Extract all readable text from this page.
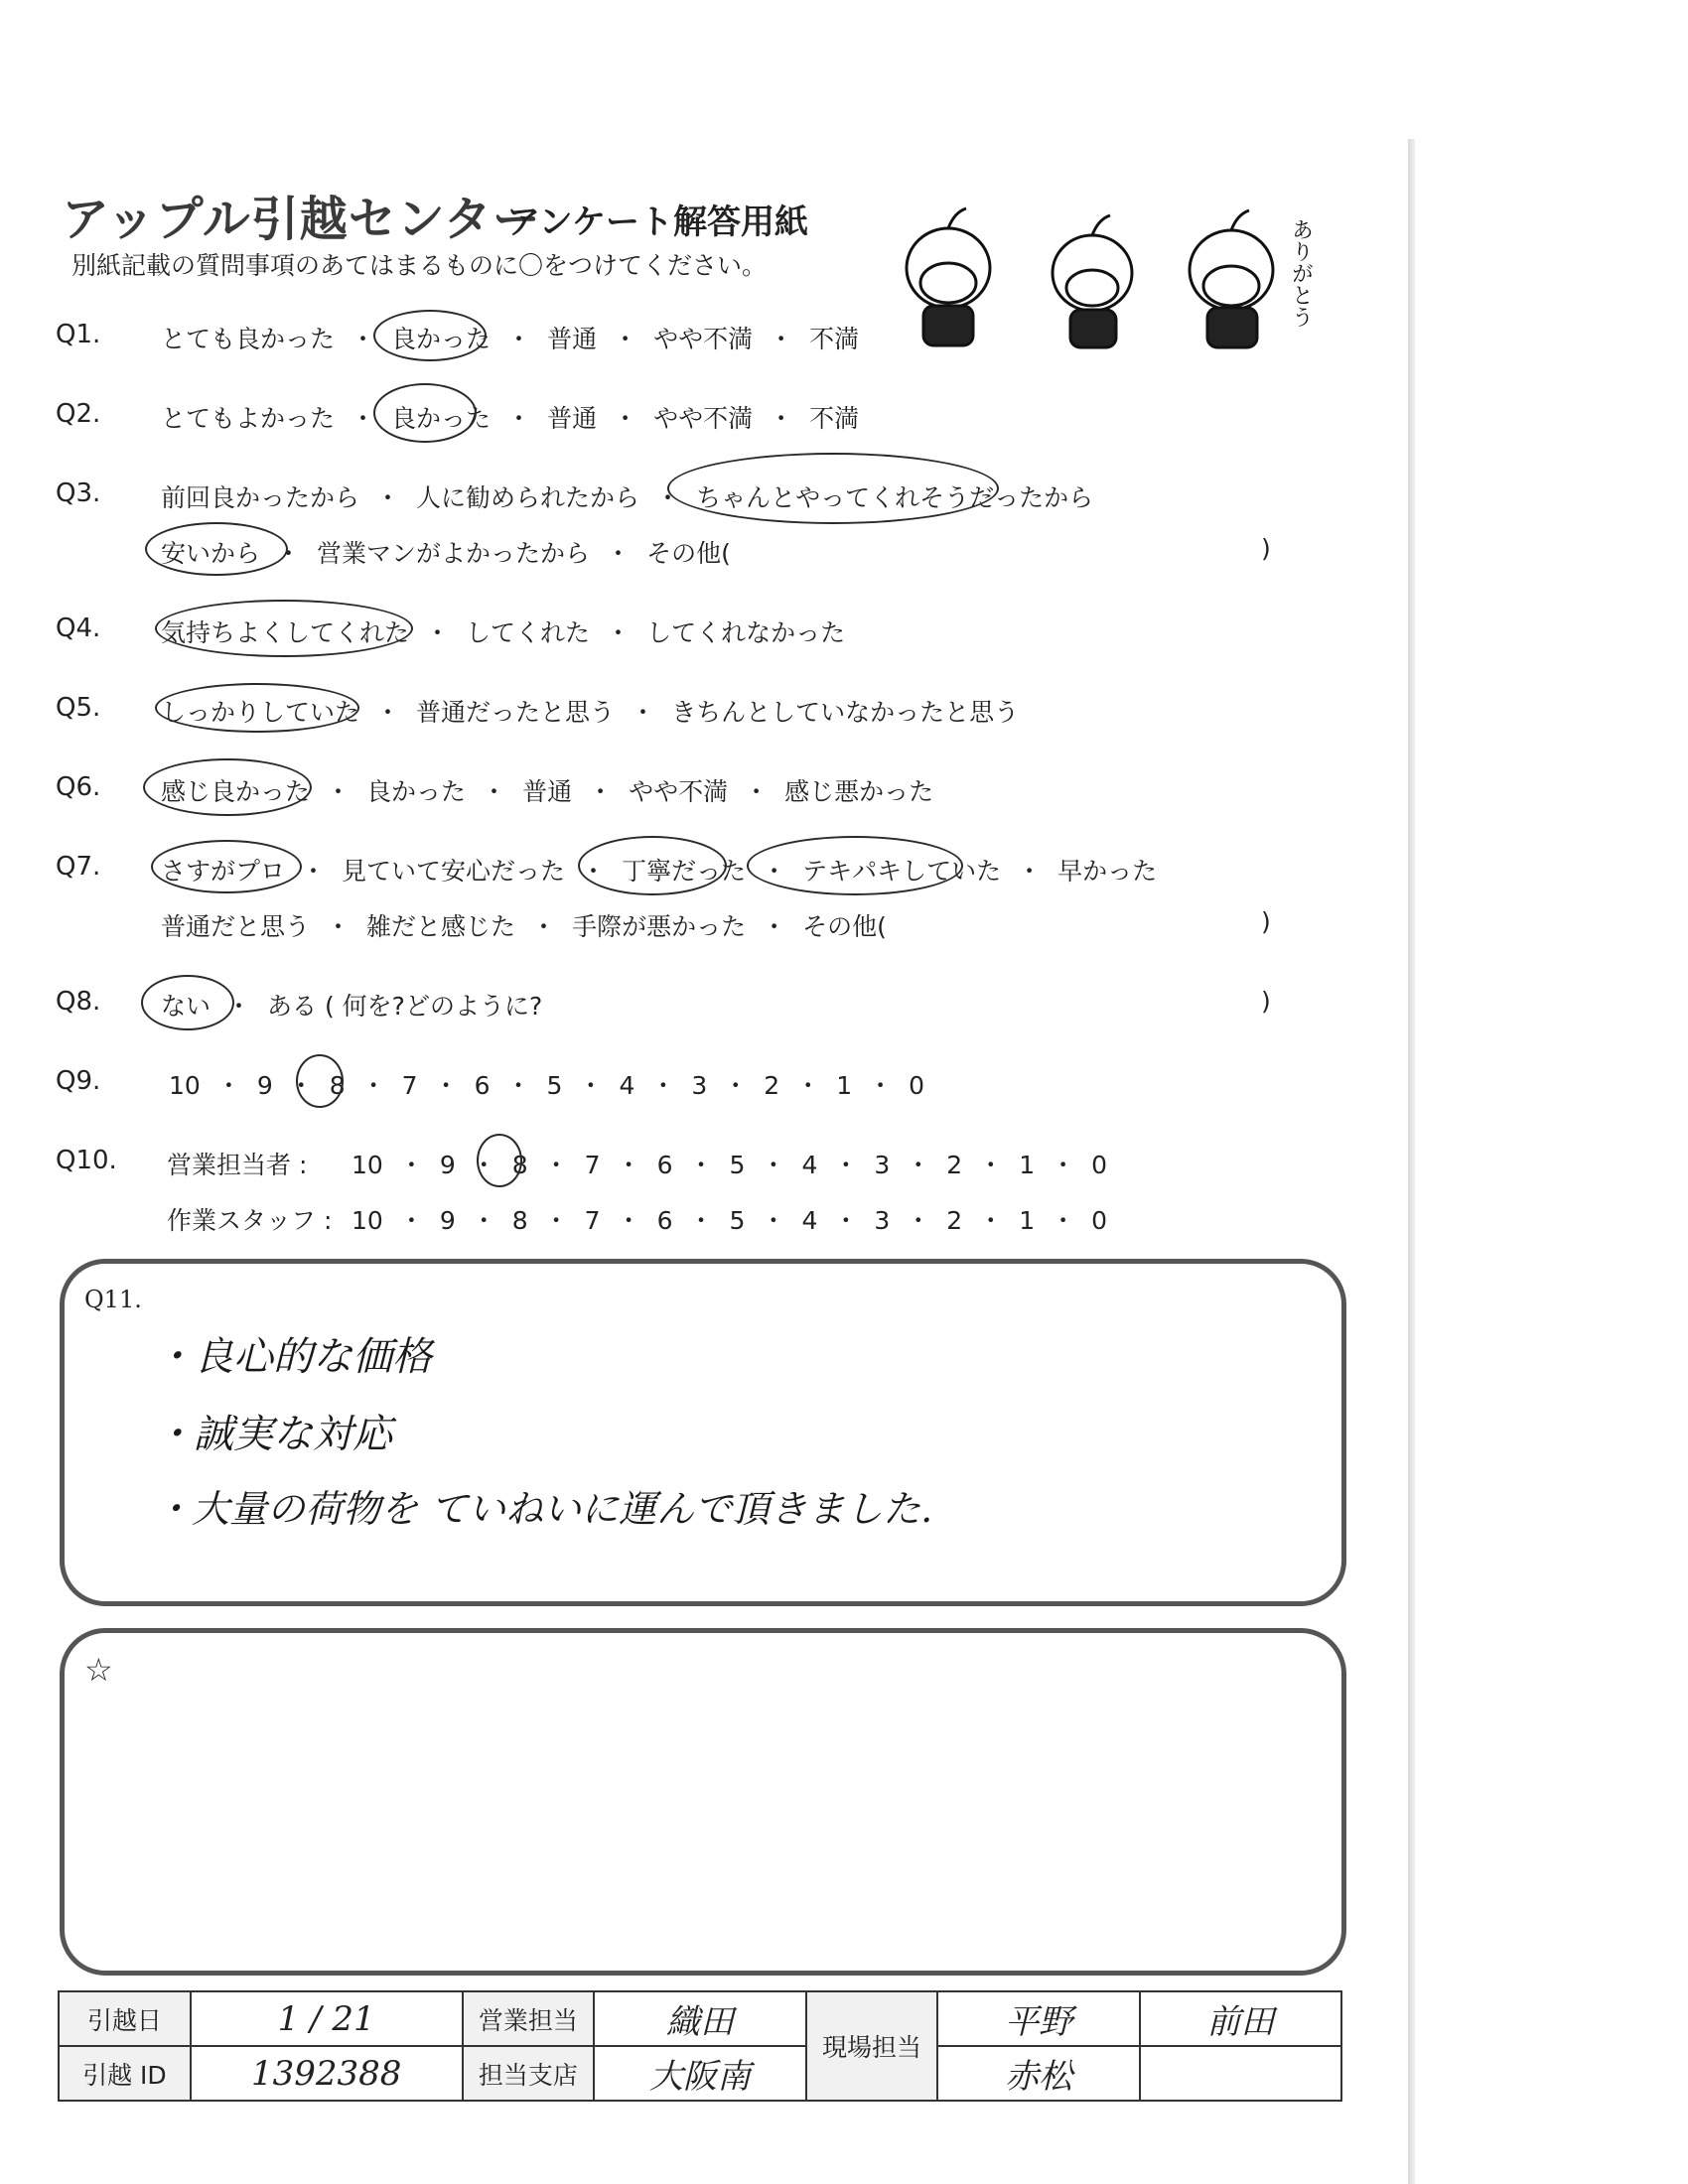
アップル引越センター
アンケート解答用紙
別紙記載の質問事項のあてはまるものに〇をつけてください。	ありがとう
Q1. とても良かった ・ 良かった ・ 普通 ・ やや不満 ・ 不満
Q2. とてもよかった ・ 良かった ・ 普通 ・ やや不満 ・ 不満
Q3. 前回良かったから ・ 人に勧められたから ・ ちゃんとやってくれそうだったから
安いから ・ 営業マンがよかったから ・ その他(	)
Q4. 気持ちよくしてくれた ・ してくれた ・ してくれなかった
Q5. しっかりしていた ・ 普通だったと思う ・ きちんとしていなかったと思う
Q6. 感じ良かった ・ 良かった ・ 普通 ・ やや不満 ・ 感じ悪かった
Q7. さすがプロ ・ 見ていて安心だった ・ 丁寧だった ・ テキパキしていた ・ 早かった
普通だと思う ・ 雑だと感じた ・ 手際が悪かった ・ その他(	)
Q8. ない ・ ある ( 何を?どのように?	)
Q9.	10 ・ 9 ・ 8 ・ 7 ・ 6 ・ 5 ・ 4 ・ 3 ・ 2 ・ 1 ・ 0
Q10. 営業担当者 : 10 ・ 9 ・ 8 ・ 7 ・ 6 ・ 5 ・ 4 ・ 3 ・ 2 ・ 1 ・ 0
作業スタッフ : 10 ・ 9 ・ 8 ・ 7 ・ 6 ・ 5 ・ 4 ・ 3 ・ 2 ・ 1 ・ 0
Q11.
・良心的な価格
・誠実な対応
・大量の荷物を ていねいに運んで頂きました.
☆
引越日	1 / 21	営業担当	織田	現場担当	平野	前田
引越 ID	1392388	担当支店	大阪南		赤松	
